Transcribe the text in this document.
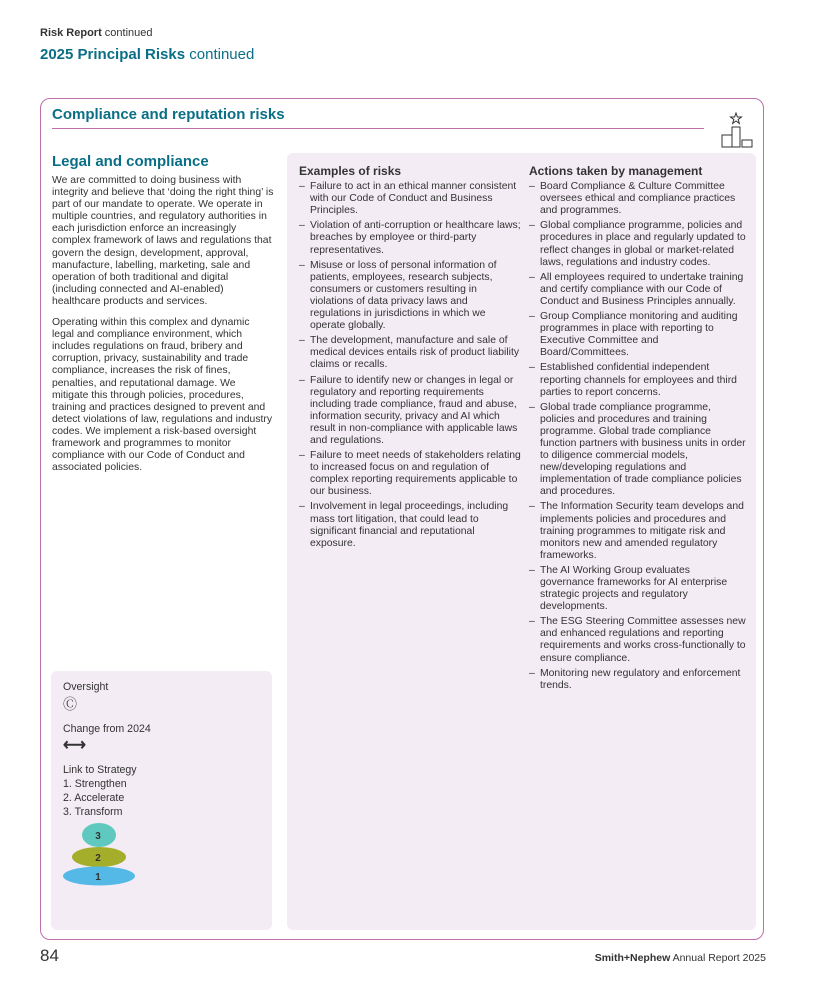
Risk Report continued
2025 Principal Risks continued
Compliance and reputation risks
Legal and compliance

We are committed to doing business with integrity and believe that ‘doing the right thing’ is part of our mandate to operate. We operate in multiple countries, and regulatory authorities in each jurisdiction enforce an increasingly complex framework of laws and regulations that govern the design, development, approval, manufacture, labelling, marketing, sale and operation of both traditional and digital (including connected and AI-enabled) healthcare products and services.

Operating within this complex and dynamic legal and compliance environment, which includes regulations on fraud, bribery and corruption, privacy, sustainability and trade compliance, increases the risk of fines, penalties, and reputational damage. We mitigate this through policies, procedures, training and practices designed to prevent and detect violations of law, regulations and industry codes. We implement a risk-based oversight framework and programmes to monitor compliance with our Code of Conduct and associated policies.

Oversight
Ⓒ
Change from 2024
⟷
Link to Strategy
1. Strengthen
2. Accelerate
3. Transform
3
2
1
Examples of risks
– Failure to act in an ethical manner consistent with our Code of Conduct and Business Principles.
– Violation of anti-corruption or healthcare laws; breaches by employee or third-party representatives.
– Misuse or loss of personal information of patients, employees, research subjects, consumers or customers resulting in violations of data privacy laws and regulations in jurisdictions in which we operate globally.
– The development, manufacture and sale of medical devices entails risk of product liability claims or recalls.
– Failure to identify new or changes in legal or regulatory and reporting requirements including trade compliance, fraud and abuse, information security, privacy and AI which result in non-compliance with applicable laws and regulations.
– Failure to meet needs of stakeholders relating to increased focus on and regulation of complex reporting requirements applicable to our business.
– Involvement in legal proceedings, including mass tort litigation, that could lead to significant financial and reputational exposure.
Actions taken by management
– Board Compliance & Culture Committee oversees ethical and compliance practices and programmes.
– Global compliance programme, policies and procedures in place and regularly updated to reflect changes in global or market-related laws, regulations and industry codes.
– All employees required to undertake training and certify compliance with our Code of Conduct and Business Principles annually.
– Group Compliance monitoring and auditing programmes in place with reporting to Executive Committee and Board/Committees.
– Established confidential independent reporting channels for employees and third parties to report concerns.
– Global trade compliance programme, policies and procedures and training programme. Global trade compliance function partners with business units in order to diligence commercial models, new/developing regulations and implementation of trade compliance policies and procedures.
– The Information Security team develops and implements policies and procedures and training programmes to mitigate risk and monitors new and amended regulatory frameworks.
– The AI Working Group evaluates governance frameworks for AI enterprise strategic projects and regulatory developments.
– The ESG Steering Committee assesses new and enhanced regulations and reporting requirements and works cross-functionally to ensure compliance.
– Monitoring new regulatory and enforcement trends.
84	Smith+Nephew Annual Report 2025
